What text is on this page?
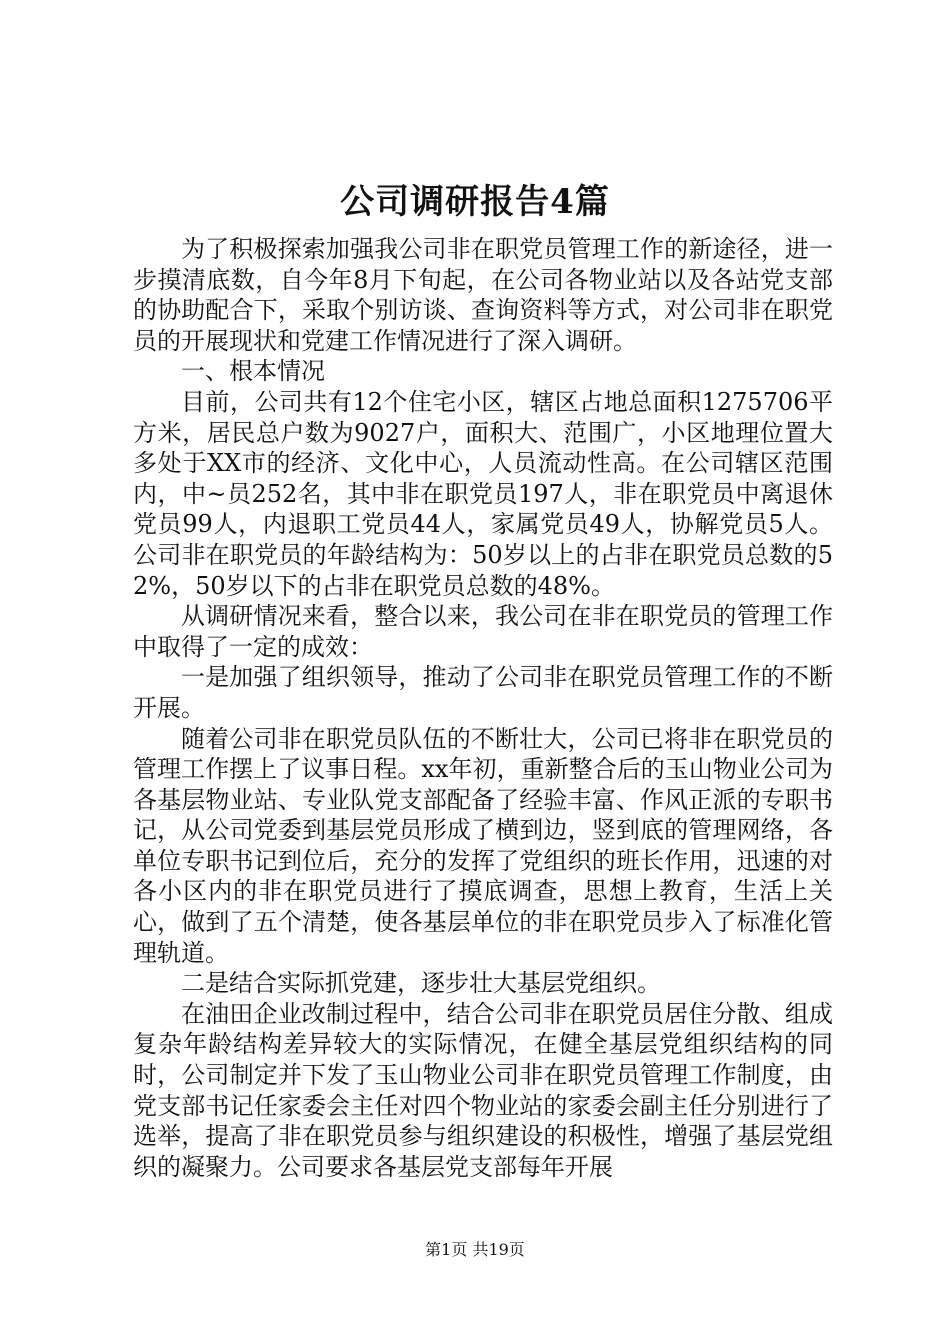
公司调研报告4篇

为了积极探索加强我公司非在职党员管理工作的新途径，进一步摸清底数，自今年8月下旬起，在公司各物业站以及各站党支部的协助配合下，采取个别访谈、查询资料等方式，对公司非在职党员的开展现状和党建工作情况进行了深入调研。

一、根本情况

目前，公司共有12个住宅小区，辖区占地总面积1275706平方米，居民总户数为9027户，面积大、范围广，小区地理位置大多处于XX市的经济、文化中心，人员流动性高。在公司辖区范围内，中~员252名，其中非在职党员197人，非在职党员中离退休党员99人，内退职工党员44人，家属党员49人，协解党员5人。公司非在职党员的年龄结构为：50岁以上的占非在职党员总数的52%，50岁以下的占非在职党员总数的48%。

从调研情况来看，整合以来，我公司在非在职党员的管理工作中取得了一定的成效：

一是加强了组织领导，推动了公司非在职党员管理工作的不断开展。

随着公司非在职党员队伍的不断壮大，公司已将非在职党员的管理工作摆上了议事日程。xx年初，重新整合后的玉山物业公司为各基层物业站、专业队党支部配备了经验丰富、作风正派的专职书记，从公司党委到基层党员形成了横到边，竖到底的管理网络，各单位专职书记到位后，充分的发挥了党组织的班长作用，迅速的对各小区内的非在职党员进行了摸底调查，思想上教育，生活上关心，做到了五个清楚，使各基层单位的非在职党员步入了标准化管理轨道。

二是结合实际抓党建，逐步壮大基层党组织。

在油田企业改制过程中，结合公司非在职党员居住分散、组成复杂年龄结构差异较大的实际情况，在健全基层党组织结构的同时，公司制定并下发了玉山物业公司非在职党员管理工作制度，由党支部书记任家委会主任对四个物业站的家委会副主任分别进行了选举，提高了非在职党员参与组织建设的积极性，增强了基层党组织的凝聚力。公司要求各基层党支部每年开展

第1页 共19页
